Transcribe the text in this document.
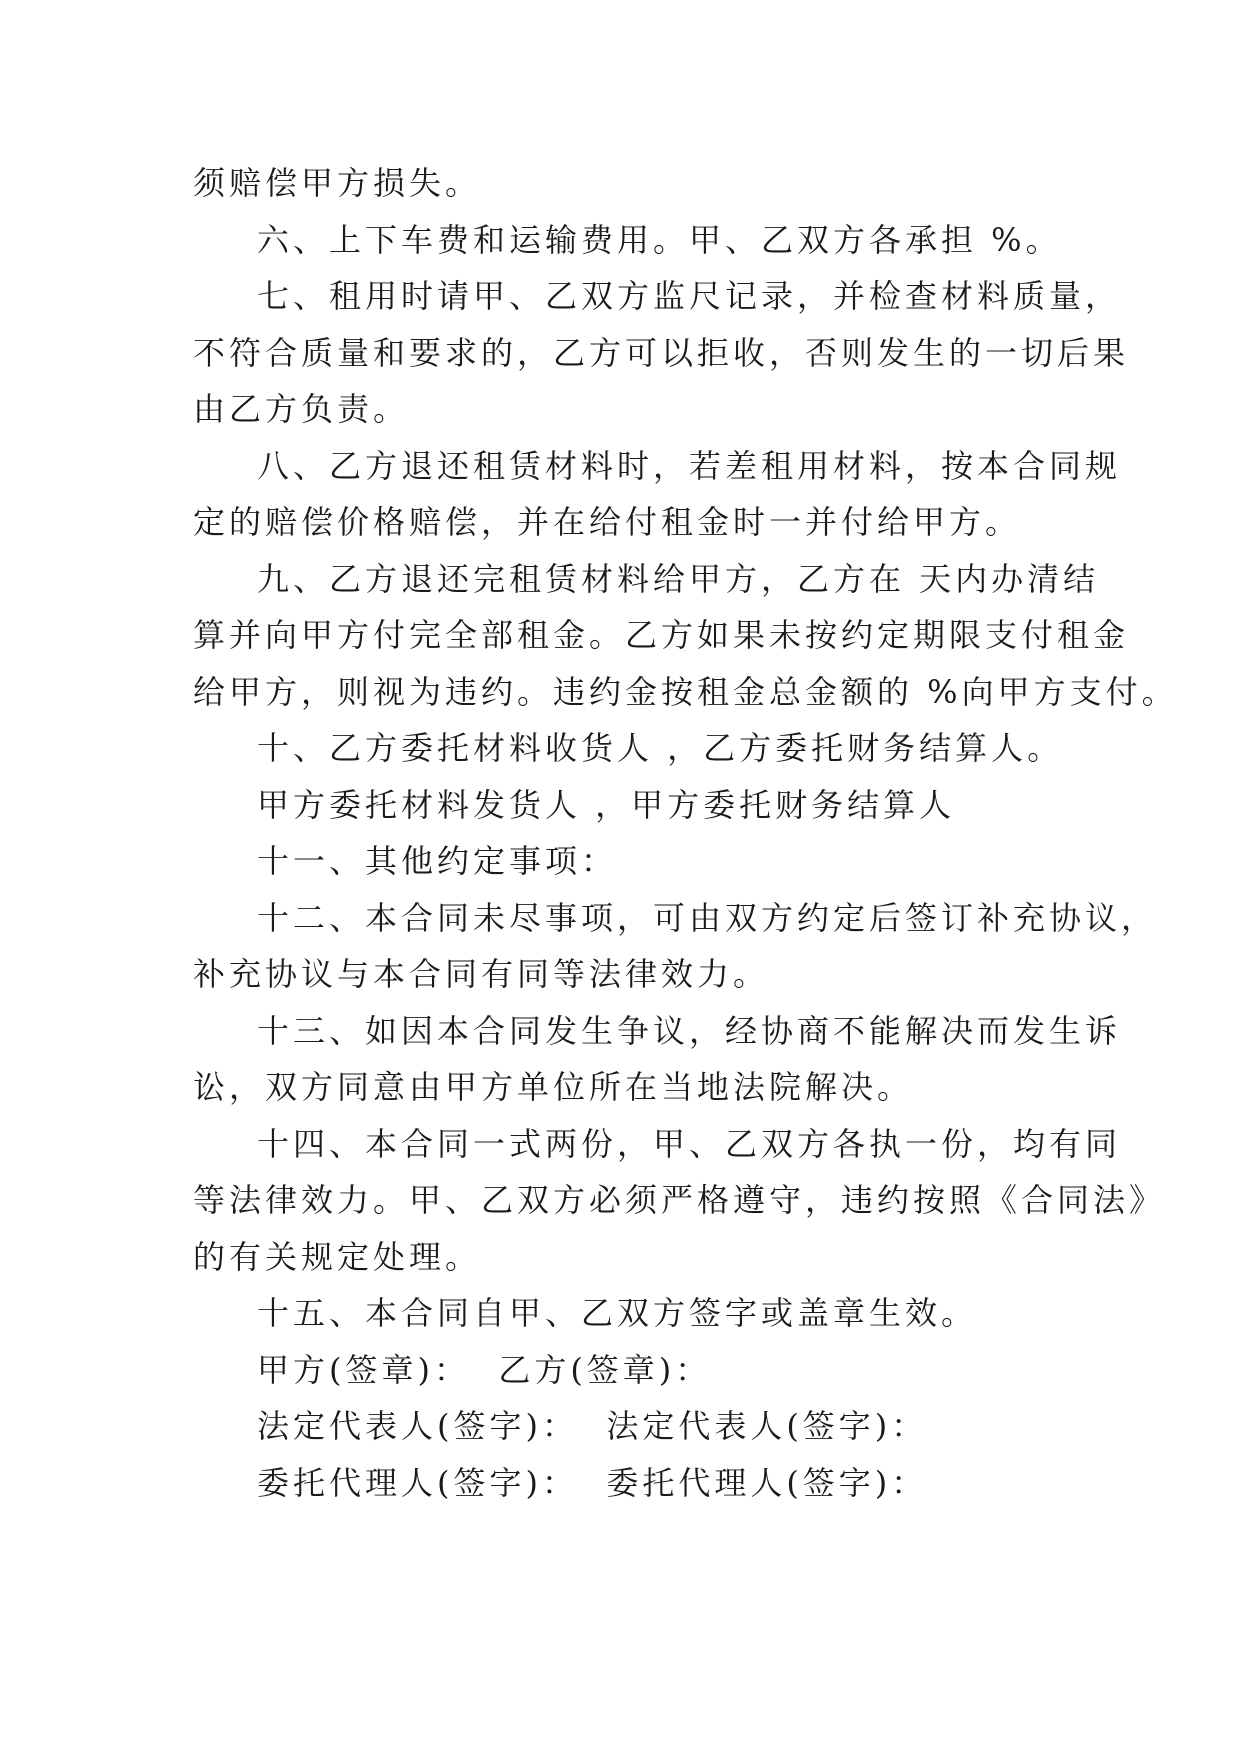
须赔偿甲方损失。
六、上下车费和运输费用。甲、乙双方各承担 %。
七、租用时请甲、乙双方监尺记录，并检查材料质量，
不符合质量和要求的，乙方可以拒收，否则发生的一切后果
由乙方负责。
八、乙方退还租赁材料时，若差租用材料，按本合同规
定的赔偿价格赔偿，并在给付租金时一并付给甲方。
九、乙方退还完租赁材料给甲方，乙方在 天内办清结
算并向甲方付完全部租金。乙方如果未按约定期限支付租金
给甲方，则视为违约。违约金按租金总金额的 %向甲方支付。
十、乙方委托材料收货人 ，乙方委托财务结算人。
甲方委托材料发货人 ，甲方委托财务结算人
十一、其他约定事项：
十二、本合同未尽事项，可由双方约定后签订补充协议，
补充协议与本合同有同等法律效力。
十三、如因本合同发生争议，经协商不能解决而发生诉
讼，双方同意由甲方单位所在当地法院解决。
十四、本合同一式两份，甲、乙双方各执一份，均有同
等法律效力。甲、乙双方必须严格遵守，违约按照《合同法》
的有关规定处理。
十五、本合同自甲、乙双方签字或盖章生效。
甲方(签章)：  乙方(签章)：
法定代表人(签字)：  法定代表人(签字)：
委托代理人(签字)：  委托代理人(签字)：
